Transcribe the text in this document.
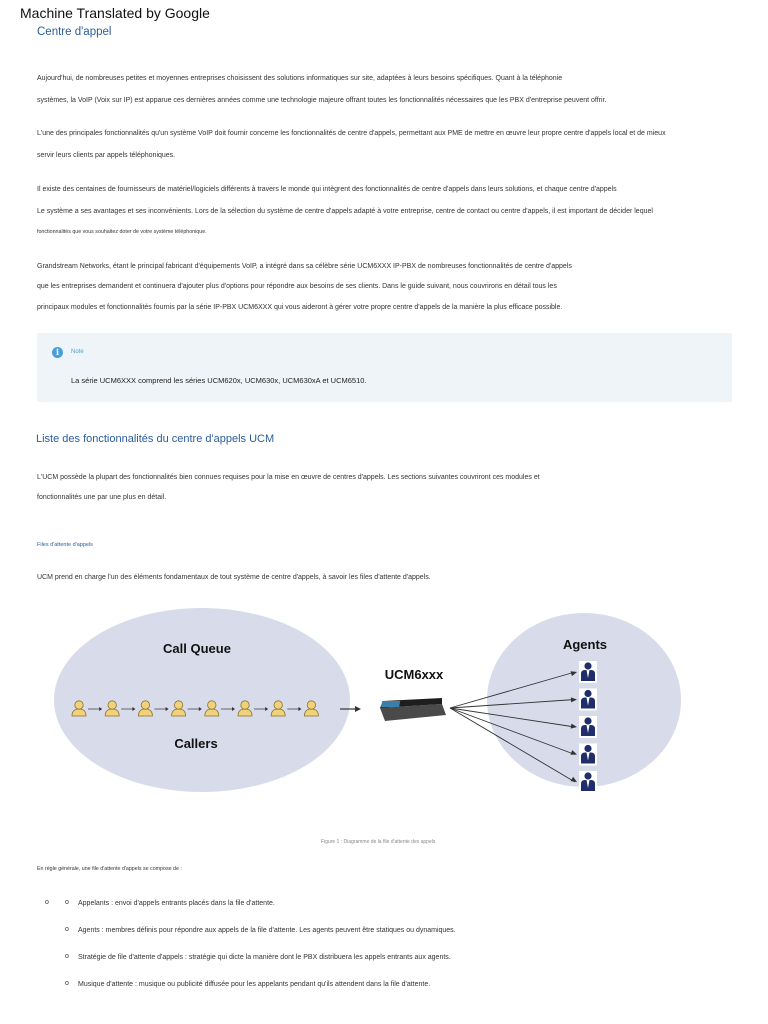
Machine Translated by Google
Centre d'appel
Aujourd'hui, de nombreuses petites et moyennes entreprises choisissent des solutions informatiques sur site, adaptées à leurs besoins spécifiques. Quant à la téléphonie
systèmes, la VoIP (Voix sur IP) est apparue ces dernières années comme une technologie majeure offrant toutes les fonctionnalités nécessaires que les PBX d'entreprise peuvent offrir.
L'une des principales fonctionnalités qu'un système VoIP doit fournir concerne les fonctionnalités de centre d'appels, permettant aux PME de mettre en œuvre leur propre centre d'appels local et de mieux
servir leurs clients par appels téléphoniques.
Il existe des centaines de fournisseurs de matériel/logiciels différents à travers le monde qui intègrent des fonctionnalités de centre d'appels dans leurs solutions, et chaque centre d'appels
Le système a ses avantages et ses inconvénients. Lors de la sélection du système de centre d'appels adapté à votre entreprise, centre de contact ou centre d'appels, il est important de décider lequel
fonctionnalités que vous souhaitez doter de votre système téléphonique.
Grandstream Networks, étant le principal fabricant d'équipements VoIP, a intégré dans sa célèbre série UCM6XXX IP-PBX de nombreuses fonctionnalités de centre d'appels
que les entreprises demandent et continuera d'ajouter plus d'options pour répondre aux besoins de ses clients. Dans le guide suivant, nous couvrirons en détail tous les
principaux modules et fonctionnalités fournis par la série IP-PBX UCM6XXX qui vous aideront à gérer votre propre centre d'appels de la manière la plus efficace possible.
i	Note
La série UCM6XXX comprend les séries UCM620x, UCM630x, UCM630xA et UCM6510.
Liste des fonctionnalités du centre d'appels UCM
L'UCM possède la plupart des fonctionnalités bien connues requises pour la mise en œuvre de centres d'appels. Les sections suivantes couvriront ces modules et
fonctionnalités une par une plus en détail.
Files d'attente d'appels
UCM prend en charge l'un des éléments fondamentaux de tout système de centre d'appels, à savoir les files d'attente d'appels.
Call Queue
Callers
UCM6xxx
Agents
Figure 1 : Diagramme de la file d'attente des appels
En règle générale, une file d'attente d'appels se compose de :
o o Appelants : envoi d'appels entrants placés dans la file d'attente.
o Agents : membres définis pour répondre aux appels de la file d'attente. Les agents peuvent être statiques ou dynamiques.
o Stratégie de file d'attente d'appels : stratégie qui dicte la manière dont le PBX distribuera les appels entrants aux agents.
o Musique d'attente : musique ou publicité diffusée pour les appelants pendant qu'ils attendent dans la file d'attente.
